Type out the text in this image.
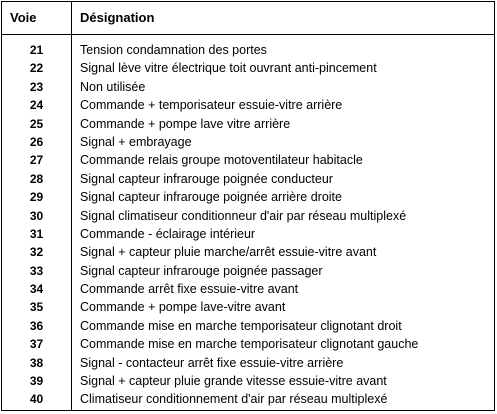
Voie	Désignation
21	Tension condamnation des portes
22	Signal lève vitre électrique toit ouvrant anti-pincement
23	Non utilisée
24	Commande + temporisateur essuie-vitre arrière
25	Commande + pompe lave vitre arrière
26	Signal + embrayage
27	Commande relais groupe motoventilateur habitacle
28	Signal capteur infrarouge poignée conducteur
29	Signal capteur infrarouge poignée arrière droite
30	Signal climatiseur conditionneur d'air par réseau multiplexé
31	Commande - éclairage intérieur
32	Signal + capteur pluie marche/arrêt essuie-vitre avant
33	Signal capteur infrarouge poignée passager
34	Commande arrêt fixe essuie-vitre avant
35	Commande + pompe lave-vitre avant
36	Commande mise en marche temporisateur clignotant droit
37	Commande mise en marche temporisateur clignotant gauche
38	Signal - contacteur arrêt fixe essuie-vitre arrière
39	Signal + capteur pluie grande vitesse essuie-vitre avant
40	Climatiseur conditionnement d'air par réseau multiplexé
